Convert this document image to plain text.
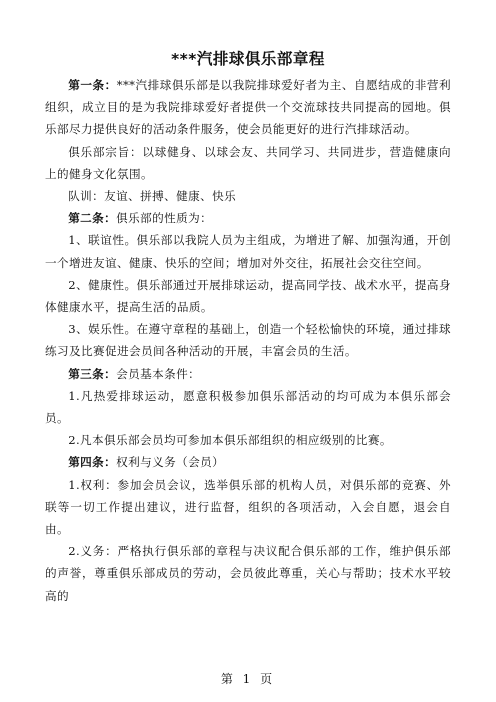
***汽排球俱乐部章程

第一条：***汽排球俱乐部是以我院排球爱好者为主、自愿结成的非营利组织，成立目的是为我院排球爱好者提供一个交流球技共同提高的园地。俱乐部尽力提供良好的活动条件服务，使会员能更好的进行汽排球活动。

俱乐部宗旨：以球健身、以球会友、共同学习、共同进步，营造健康向上的健身文化氛围。

队训：友谊、拼搏、健康、快乐

第二条：俱乐部的性质为：

1、联谊性。俱乐部以我院人员为主组成，为增进了解、加强沟通，开创一个增进友谊、健康、快乐的空间；增加对外交往，拓展社会交往空间。

2、健康性。俱乐部通过开展排球运动，提高同学技、战术水平，提高身体健康水平，提高生活的品质。

3、娱乐性。在遵守章程的基础上，创造一个轻松愉快的环境，通过排球练习及比赛促进会员间各种活动的开展，丰富会员的生活。

第三条：会员基本条件：

1.凡热爱排球运动，愿意积极参加俱乐部活动的均可成为本俱乐部会员。

2.凡本俱乐部会员均可参加本俱乐部组织的相应级别的比赛。

第四条：权利与义务（会员）

1.权利：参加会员会议，选举俱乐部的机构人员，对俱乐部的竞赛、外联等一切工作提出建议，进行监督，组织的各项活动，入会自愿，退会自由。

2.义务：严格执行俱乐部的章程与决议配合俱乐部的工作，维护俱乐部的声誉，尊重俱乐部成员的劳动，会员彼此尊重，关心与帮助；技术水平较高的

第 1 页
